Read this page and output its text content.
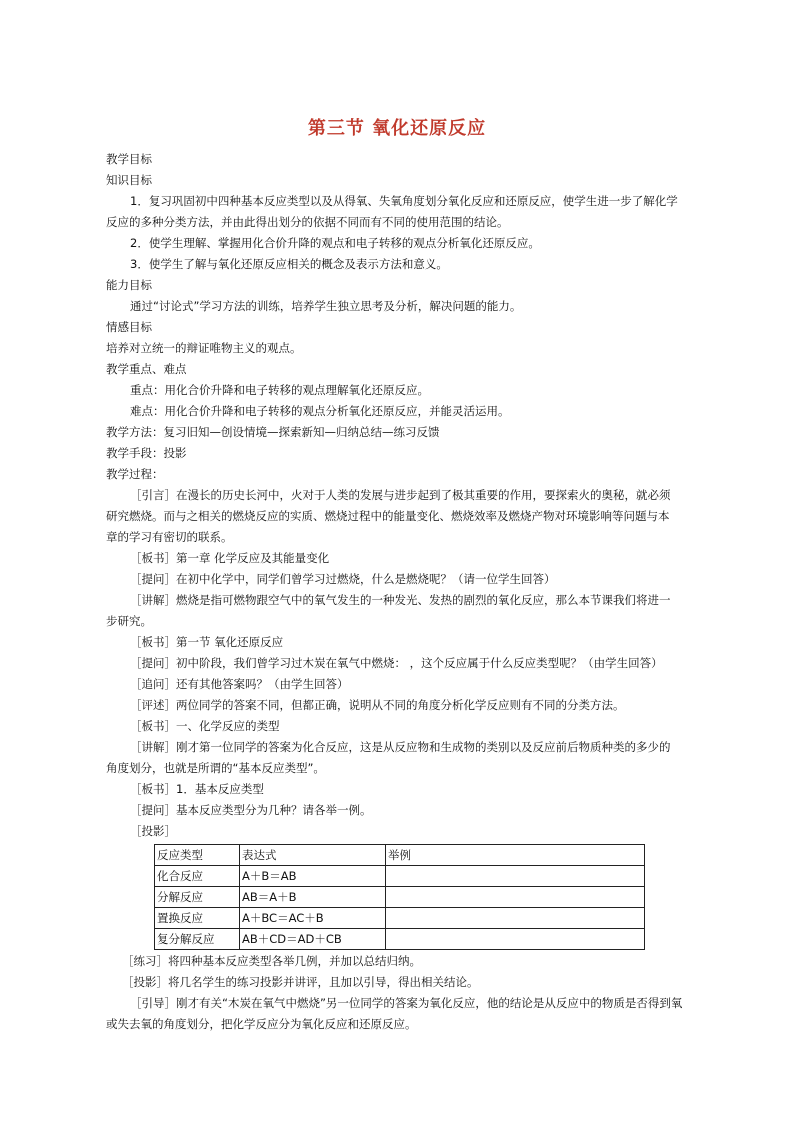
第三节 氧化还原反应
教学目标
知识目标
1．复习巩固初中四种基本反应类型以及从得氧、失氧角度划分氧化反应和还原反应，使学生进一步了解化学
反应的多种分类方法，并由此得出划分的依据不同而有不同的使用范围的结论。
2．使学生理解、掌握用化合价升降的观点和电子转移的观点分析氧化还原反应。
3．使学生了解与氧化还原反应相关的概念及表示方法和意义。
能力目标
通过“讨论式”学习方法的训练，培养学生独立思考及分析，解决问题的能力。
情感目标
培养对立统一的辩证唯物主义的观点。
教学重点、难点
重点：用化合价升降和电子转移的观点理解氧化还原反应。
难点：用化合价升降和电子转移的观点分析氧化还原反应，并能灵活运用。
教学方法：复习旧知—创设情境—探索新知—归纳总结—练习反馈
教学手段：投影
教学过程：
［引言］在漫长的历史长河中，火对于人类的发展与进步起到了极其重要的作用，要探索火的奥秘，就必须
研究燃烧。而与之相关的燃烧反应的实质、燃烧过程中的能量变化、燃烧效率及燃烧产物对环境影响等问题与本
章的学习有密切的联系。
［板书］第一章 化学反应及其能量变化
［提问］在初中化学中，同学们曾学习过燃烧，什么是燃烧呢？（请一位学生回答）
［讲解］燃烧是指可燃物跟空气中的氧气发生的一种发光、发热的剧烈的氧化反应，那么本节课我们将进一
步研究。
［板书］第一节 氧化还原反应
［提问］初中阶段，我们曾学习过木炭在氧气中燃烧： ，这个反应属于什么反应类型呢？（由学生回答）
［追问］还有其他答案吗？（由学生回答）
［评述］两位同学的答案不同，但都正确，说明从不同的角度分析化学反应则有不同的分类方法。
［板书］一、化学反应的类型
［讲解］刚才第一位同学的答案为化合反应，这是从反应物和生成物的类别以及反应前后物质种类的多少的
角度划分，也就是所谓的“基本反应类型”。
［板书］1．基本反应类型
［提问］基本反应类型分为几种？请各举一例。
［投影］
反应类型	表达式	举例
化合反应	A＋B＝AB	
分解反应	AB＝A＋B	
置换反应	A＋BC＝AC＋B	
复分解反应	AB＋CD＝AD＋CB	
［练习］将四种基本反应类型各举几例，并加以总结归纳。
［投影］将几名学生的练习投影并讲评，且加以引导，得出相关结论。
［引导］刚才有关“木炭在氧气中燃烧”另一位同学的答案为氧化反应，他的结论是从反应中的物质是否得到氧
或失去氧的角度划分，把化学反应分为氧化反应和还原反应。
